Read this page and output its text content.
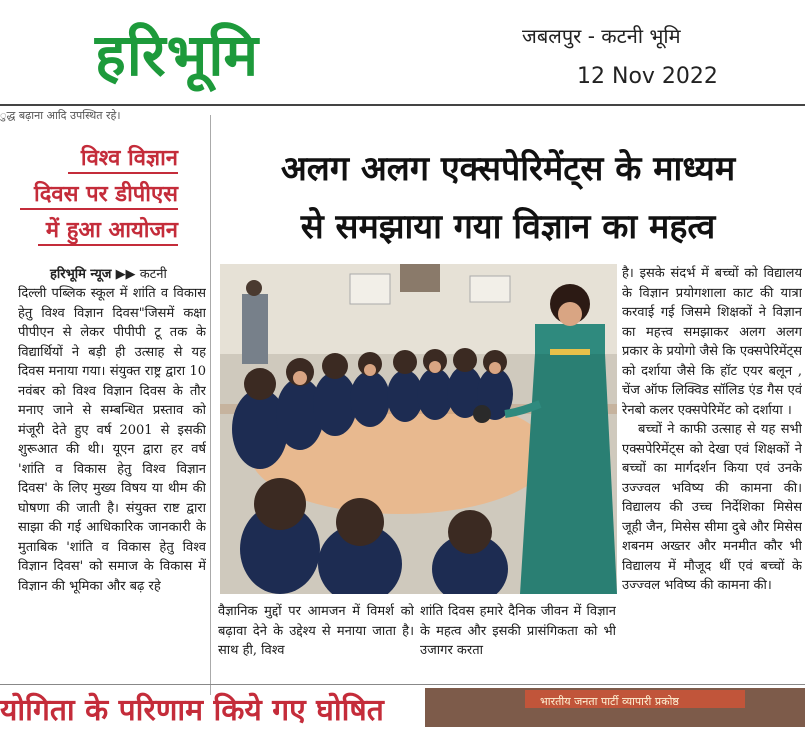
हरिभूमि	जबलपुर - कटनी भूमि
12 Nov 2022
ुद्ध बढ़ाना आदि उपस्थित रहे।
विश्व विज्ञान
दिवस पर डीपीएस
में हुआ आयोजन
हरिभूमि न्यूज ▶▶ कटनी
अलग अलग एक्सपेरिमेंट्स के माध्यम
से समझाया गया विज्ञान का महत्व

दिल्ली पब्लिक स्कूल में शांति व विकास हेतु विश्व विज्ञान दिवस"जिसमें कक्षा पीपीएन से लेकर पीपीपी टू तक के विद्यार्थियों ने बड़ी ही उत्साह से यह दिवस मनाया गया। संयुक्त राष्ट्र द्वारा 10 नवंबर को विश्व विज्ञान दिवस के तौर मनाए जाने से सम्बन्धित प्रस्ताव को मंजूरी देते हुए वर्ष 2001 से इसकी शुरूआत की थी। यूएन द्वारा हर वर्ष 'शांति व विकास हेतु विश्व विज्ञान दिवस' के लिए मुख्य विषय या थीम की घोषणा की जाती है। संयुक्त राष्ट द्वारा साझा की गई आधिकारिक जानकारी के मुताबिक 'शांति व विकास हेतु विश्व विज्ञान दिवस' को समाज के विकास में विज्ञान की भूमिका और बढ़ रहे

वैज्ञानिक मुद्दों पर आमजन में विमर्श को बढ़ावा देने के उद्देश्य से मनाया जाता है। साथ ही, विश्व

शांति दिवस हमारे दैनिक जीवन में विज्ञान के महत्व और इसकी प्रासंगिकता को भी उजागर करता

है। इसके संदर्भ में बच्चों को विद्यालय के विज्ञान प्रयोगशाला काट की यात्रा करवाई गई जिसमे शिक्षकों ने विज्ञान का महत्त्व समझाकर अलग अलग प्रकार के प्रयोगो जैसे कि एक्सपेरिमेंट्स को दर्शाया जैसे कि हॉट एयर बलून , चेंज ऑफ लिक्विड सॉलिड एंड गैस एवं रेनबो कलर एक्सपेरिमेंट को दर्शाया ।

बच्चों ने काफी उत्साह से यह सभी एक्सपेरिमेंट्स को देखा एवं शिक्षकों ने बच्चों का मार्गदर्शन किया एवं उनके उज्ज्वल भविष्य की कामना की। विद्यालय की उच्च निर्देशिका मिसेस जूही जैन, मिसेस सीमा दुबे और मिसेस शबनम अख्तर और मनमीत कौर भी विद्यालय में मौजूद थीं एवं बच्चों के उज्ज्वल भविष्य की कामना की।

योगिता के परिणाम किये गए घोषित	भारतीय जनता पार्टी व्यापारी प्रकोष्ठ
